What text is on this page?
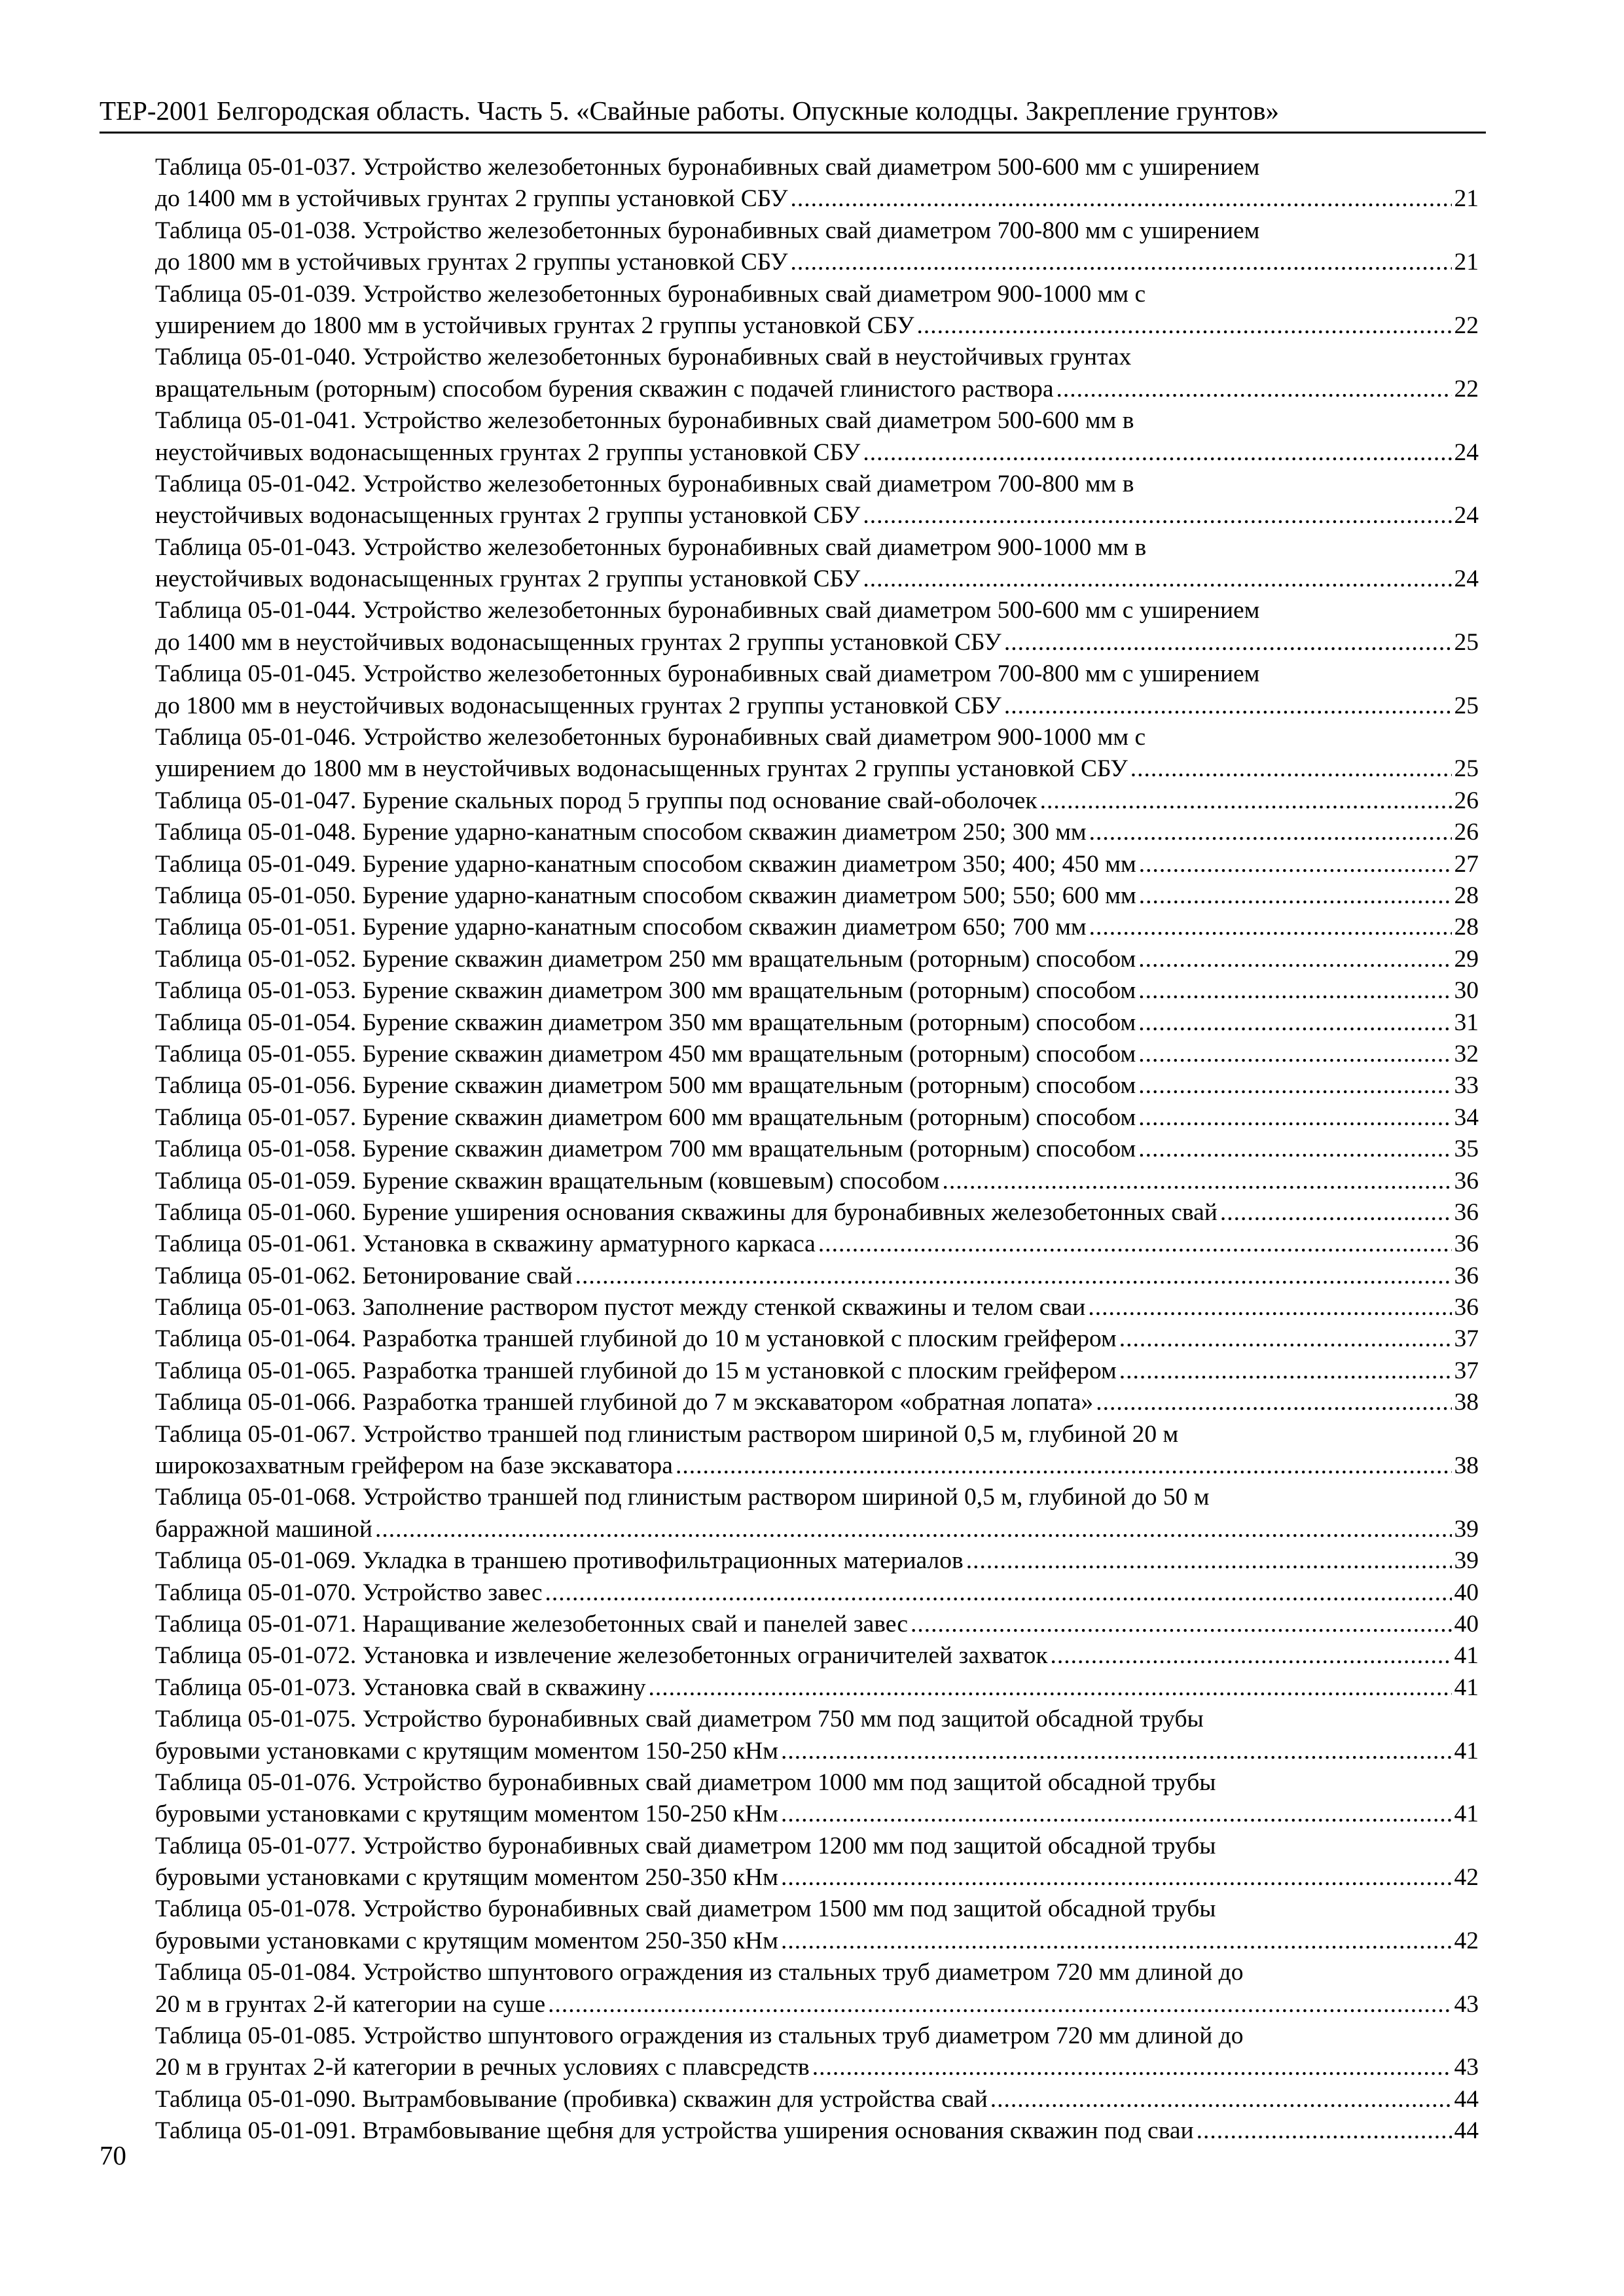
ТЕР-2001 Белгородская область. Часть 5. «Свайные работы. Опускные колодцы. Закрепление грунтов»
Таблица 05-01-037. Устройство железобетонных буронабивных свай диаметром 500-600 мм с уширением
до 1400 мм в устойчивых грунтах 2 группы установкой СБУ .....	21
Таблица 05-01-038. Устройство железобетонных буронабивных свай диаметром 700-800 мм с уширением
до 1800 мм в устойчивых грунтах 2 группы установкой СБУ .....	21
Таблица 05-01-039. Устройство железобетонных буронабивных свай диаметром 900-1000 мм с
уширением до 1800 мм в устойчивых грунтах 2 группы установкой СБУ .....	22
Таблица 05-01-040. Устройство железобетонных буронабивных свай в неустойчивых грунтах
вращательным (роторным) способом бурения скважин с подачей глинистого раствора .....	22
Таблица 05-01-041. Устройство железобетонных буронабивных свай диаметром 500-600 мм в
неустойчивых водонасыщенных грунтах 2 группы установкой СБУ .....	24
Таблица 05-01-042. Устройство железобетонных буронабивных свай диаметром 700-800 мм в
неустойчивых водонасыщенных грунтах 2 группы установкой СБУ .....	24
Таблица 05-01-043. Устройство железобетонных буронабивных свай диаметром 900-1000 мм в
неустойчивых водонасыщенных грунтах 2 группы установкой СБУ .....	24
Таблица 05-01-044. Устройство железобетонных буронабивных свай диаметром 500-600 мм с уширением
до 1400 мм в неустойчивых водонасыщенных грунтах 2 группы установкой СБУ .....	25
Таблица 05-01-045. Устройство железобетонных буронабивных свай диаметром 700-800 мм с уширением
до 1800 мм в неустойчивых водонасыщенных грунтах 2 группы установкой СБУ .....	25
Таблица 05-01-046. Устройство железобетонных буронабивных свай диаметром 900-1000 мм с
уширением до 1800 мм в неустойчивых водонасыщенных грунтах 2 группы установкой СБУ .....	25
Таблица 05-01-047. Бурение скальных пород 5 группы под основание свай-оболочек .....	26
Таблица 05-01-048. Бурение ударно-канатным способом скважин диаметром 250; 300 мм .....	26
Таблица 05-01-049. Бурение ударно-канатным способом скважин диаметром 350; 400; 450 мм .....	27
Таблица 05-01-050. Бурение ударно-канатным способом скважин диаметром 500; 550; 600 мм .....	28
Таблица 05-01-051. Бурение ударно-канатным способом скважин диаметром 650; 700 мм .....	28
Таблица 05-01-052. Бурение скважин диаметром 250 мм вращательным (роторным) способом .....	29
Таблица 05-01-053. Бурение скважин диаметром 300 мм вращательным (роторным) способом .....	30
Таблица 05-01-054. Бурение скважин диаметром 350 мм вращательным (роторным) способом .....	31
Таблица 05-01-055. Бурение скважин диаметром 450 мм вращательным (роторным) способом .....	32
Таблица 05-01-056. Бурение скважин диаметром 500 мм вращательным (роторным) способом .....	33
Таблица 05-01-057. Бурение скважин диаметром 600 мм вращательным (роторным) способом .....	34
Таблица 05-01-058. Бурение скважин диаметром 700 мм вращательным (роторным) способом .....	35
Таблица 05-01-059. Бурение скважин вращательным (ковшевым) способом .....	36
Таблица 05-01-060. Бурение уширения основания скважины для буронабивных железобетонных свай .....	36
Таблица 05-01-061. Установка в скважину арматурного каркаса .....	36
Таблица 05-01-062. Бетонирование свай .....	36
Таблица 05-01-063. Заполнение раствором пустот между стенкой скважины и телом сваи .....	36
Таблица 05-01-064. Разработка траншей глубиной до 10 м установкой с плоским грейфером .....	37
Таблица 05-01-065. Разработка траншей глубиной до 15 м установкой с плоским грейфером .....	37
Таблица 05-01-066. Разработка траншей глубиной до 7 м экскаватором «обратная лопата» .....	38
Таблица 05-01-067. Устройство траншей под глинистым раствором шириной 0,5 м, глубиной 20 м
широкозахватным грейфером на базе экскаватора .....	38
Таблица 05-01-068. Устройство траншей под глинистым раствором шириной 0,5 м, глубиной до 50 м
барражной машиной .....	39
Таблица 05-01-069. Укладка в траншею противофильтрационных материалов .....	39
Таблица 05-01-070. Устройство завес .....	40
Таблица 05-01-071. Наращивание железобетонных свай и панелей завес .....	40
Таблица 05-01-072. Установка и извлечение железобетонных ограничителей захваток .....	41
Таблица 05-01-073. Установка свай в скважину .....	41
Таблица 05-01-075. Устройство буронабивных свай диаметром 750 мм под защитой обсадной трубы
буровыми установками с крутящим моментом 150-250 кНм .....	41
Таблица 05-01-076. Устройство буронабивных свай диаметром 1000 мм под защитой обсадной трубы
буровыми установками с крутящим моментом 150-250 кНм .....	41
Таблица 05-01-077. Устройство буронабивных свай диаметром 1200 мм под защитой обсадной трубы
буровыми установками с крутящим моментом 250-350 кНм .....	42
Таблица 05-01-078. Устройство буронабивных свай диаметром 1500 мм под защитой обсадной трубы
буровыми установками с крутящим моментом 250-350 кНм .....	42
Таблица 05-01-084. Устройство шпунтового ограждения из стальных труб диаметром 720 мм длиной до
20 м в грунтах 2-й категории на суше .....	43
Таблица 05-01-085. Устройство шпунтового ограждения из стальных труб диаметром 720 мм длиной до
20 м в грунтах 2-й категории в речных условиях с плавсредств .....	43
Таблица 05-01-090. Вытрамбовывание (пробивка) скважин для устройства свай .....	44
Таблица 05-01-091. Втрамбовывание щебня для устройства уширения основания скважин под сваи .....	44
70
